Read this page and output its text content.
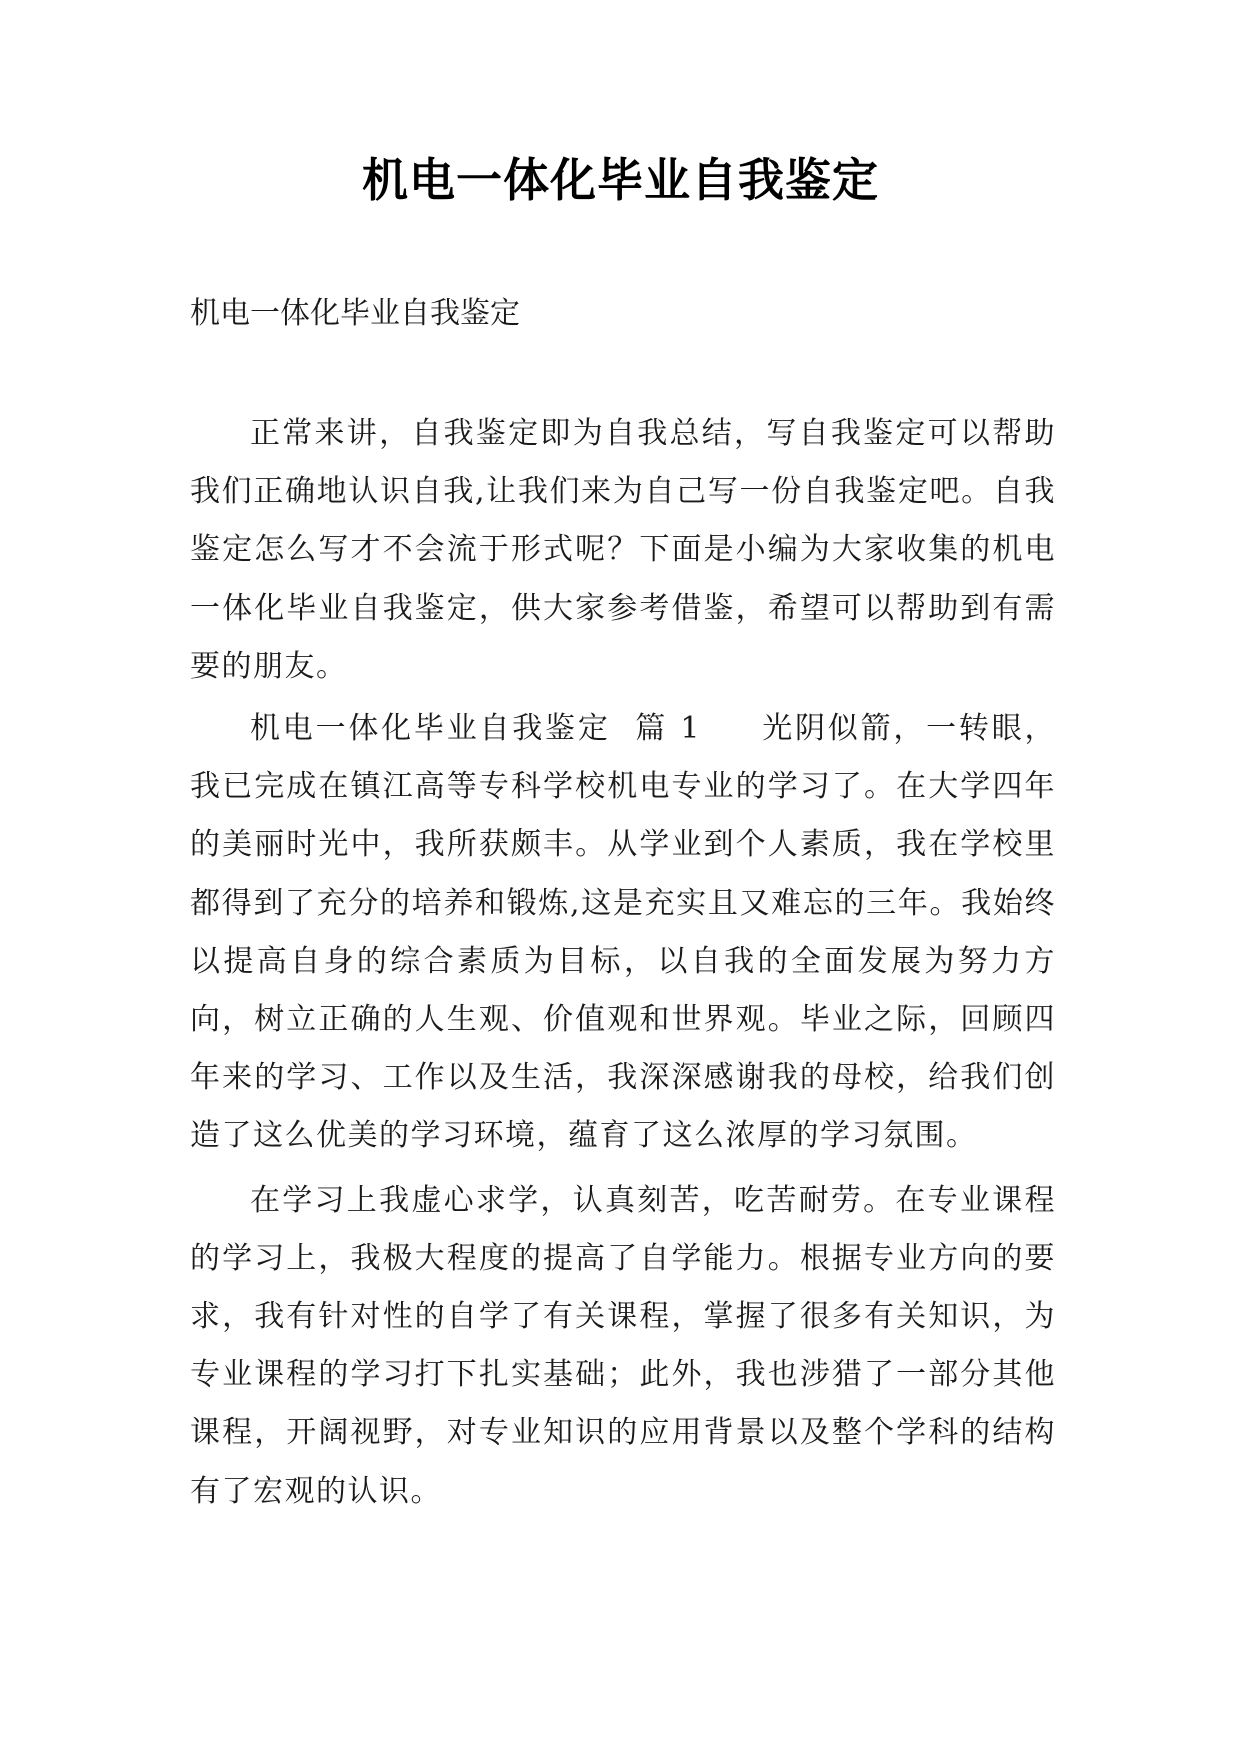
机电一体化毕业自我鉴定

机电一体化毕业自我鉴定

正常来讲，自我鉴定即为自我总结，写自我鉴定可以帮助我们正确地认识自我,让我们来为自己写一份自我鉴定吧。自我鉴定怎么写才不会流于形式呢？下面是小编为大家收集的机电一体化毕业自我鉴定，供大家参考借鉴，希望可以帮助到有需要的朋友。

机电一体化毕业自我鉴定  篇 1 光阴似箭，一转眼，我已完成在镇江高等专科学校机电专业的学习了。在大学四年的美丽时光中，我所获颇丰。从学业到个人素质，我在学校里都得到了充分的培养和锻炼,这是充实且又难忘的三年。我始终以提高自身的综合素质为目标，以自我的全面发展为努力方向，树立正确的人生观、价值观和世界观。毕业之际，回顾四年来的学习、工作以及生活，我深深感谢我的母校，给我们创造了这么优美的学习环境，蕴育了这么浓厚的学习氛围。

在学习上我虚心求学，认真刻苦，吃苦耐劳。在专业课程的学习上，我极大程度的提高了自学能力。根据专业方向的要求，我有针对性的自学了有关课程，掌握了很多有关知识，为专业课程的学习打下扎实基础；此外，我也涉猎了一部分其他课程，开阔视野，对专业知识的应用背景以及整个学科的结构有了宏观的认识。
